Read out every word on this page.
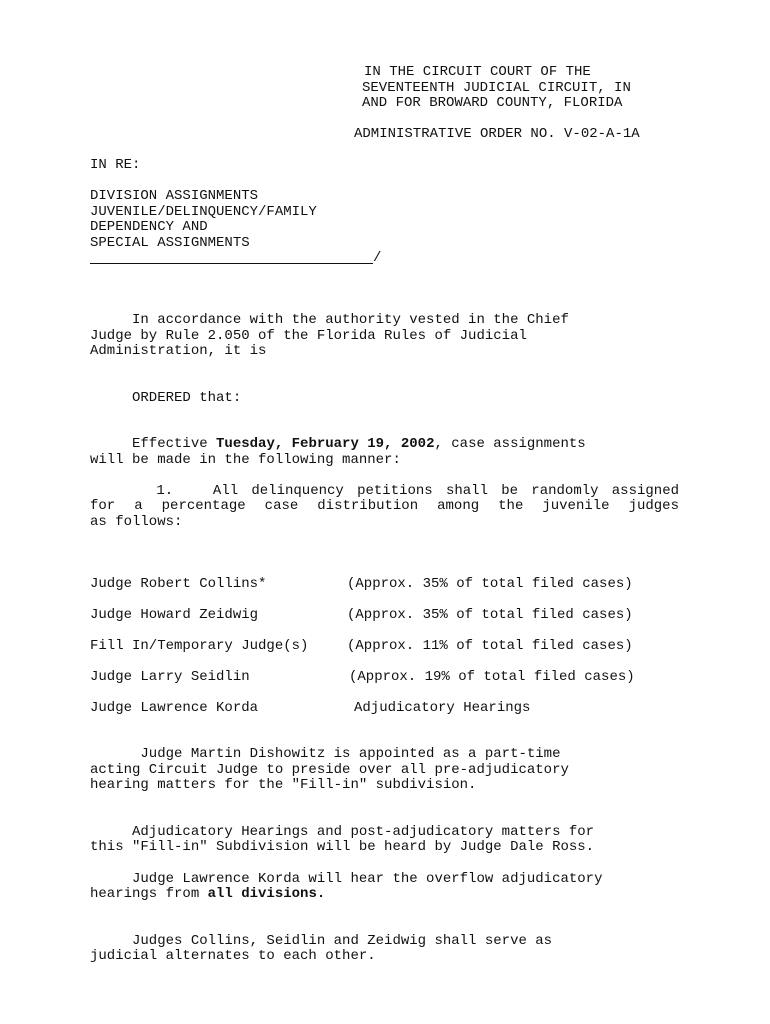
IN THE CIRCUIT COURT OF THE
SEVENTEENTH JUDICIAL CIRCUIT, IN
AND FOR BROWARD COUNTY, FLORIDA
ADMINISTRATIVE ORDER NO. V-02-A-1A
IN RE:
DIVISION ASSIGNMENTS
JUVENILE/DELINQUENCY/FAMILY
DEPENDENCY AND
SPECIAL ASSIGNMENTS
/
In accordance with the authority vested in the Chief
Judge by Rule 2.050 of the Florida Rules of Judicial
Administration, it is
ORDERED that:
Effective Tuesday, February 19, 2002, case assignments
will be made in the following manner:
1.   All delinquency petitions shall be randomly assigned
for a percentage case distribution among the juvenile judges
as follows:
Judge Robert Collins*	(Approx. 35% of total filed cases)
Judge Howard Zeidwig	(Approx. 35% of total filed cases)
Fill In/Temporary Judge(s)	(Approx. 11% of total filed cases)
Judge Larry Seidlin	(Approx. 19% of total filed cases)
Judge Lawrence Korda	Adjudicatory Hearings
Judge Martin Dishowitz is appointed as a part-time
acting Circuit Judge to preside over all pre-adjudicatory
hearing matters for the "Fill-in" subdivision.
Adjudicatory Hearings and post-adjudicatory matters for
this "Fill-in" Subdivision will be heard by Judge Dale Ross.
Judge Lawrence Korda will hear the overflow adjudicatory
hearings from all divisions.
Judges Collins, Seidlin and Zeidwig shall serve as
judicial alternates to each other.
